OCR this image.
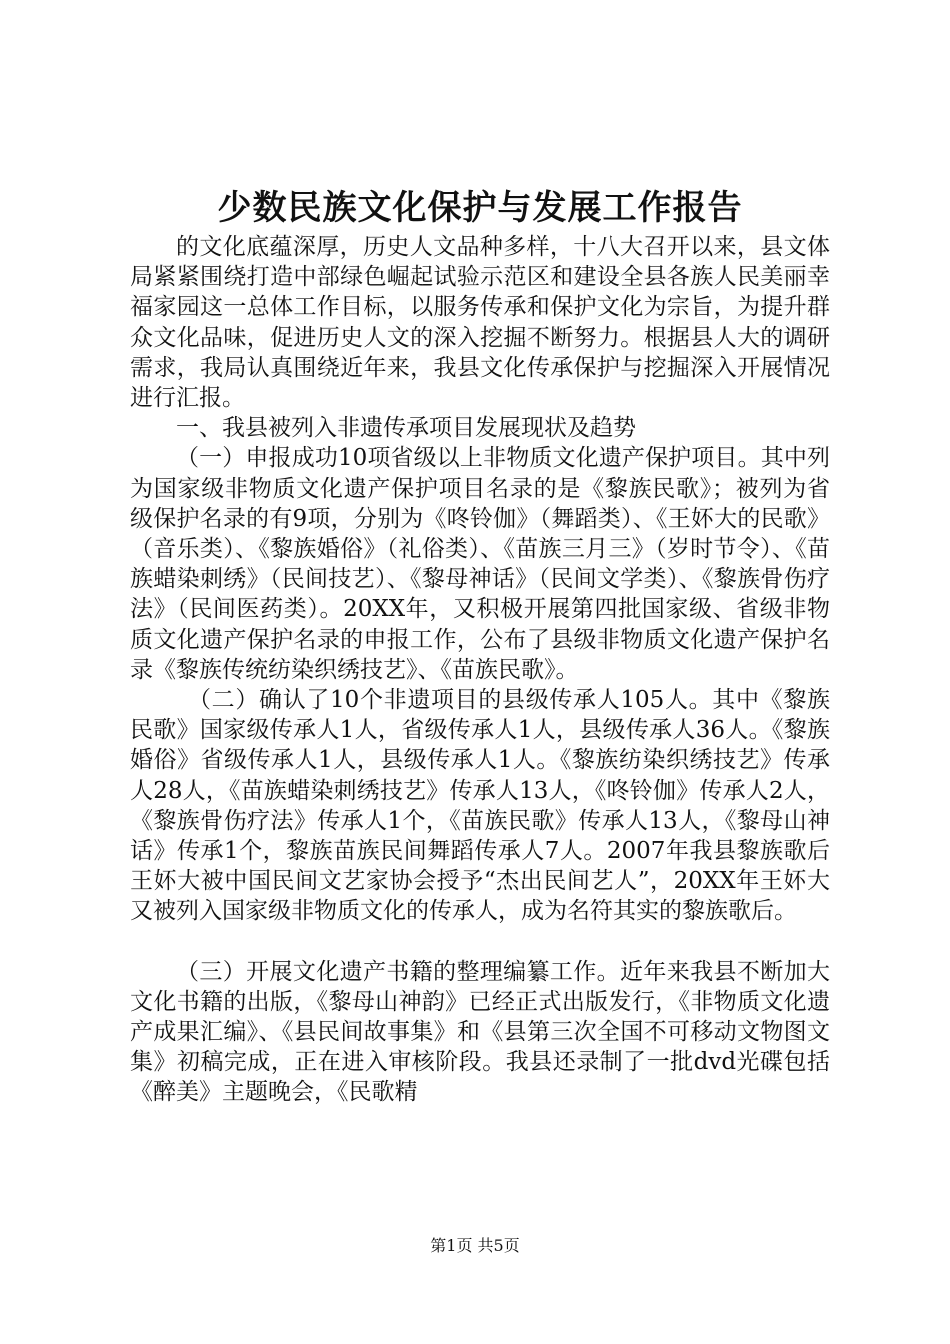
少数民族文化保护与发展工作报告

的文化底蕴深厚，历史人文品种多样，十八大召开以来，县文体局紧紧围绕打造中部绿色崛起试验示范区和建设全县各族人民美丽幸福家园这一总体工作目标，以服务传承和保护文化为宗旨，为提升群众文化品味，促进历史人文的深入挖掘不断努力。根据县人大的调研需求，我局认真围绕近年来，我县文化传承保护与挖掘深入开展情况进行汇报。

一、我县被列入非遗传承项目发展现状及趋势

（一）申报成功10项省级以上非物质文化遗产保护项目。其中列为国家级非物质文化遗产保护项目名录的是《黎族民歌》；被列为省级保护名录的有9项，分别为《咚铃伽》（舞蹈类）、《王妚大的民歌》（音乐类）、《黎族婚俗》（礼俗类）、《苗族三月三》（岁时节令）、《苗族蜡染刺绣》（民间技艺）、《黎母神话》（民间文学类）、《黎族骨伤疗法》（民间医药类）。20XX年，又积极开展第四批国家级、省级非物质文化遗产保护名录的申报工作，公布了县级非物质文化遗产保护名录《黎族传统纺染织绣技艺》、《苗族民歌》。

（二）确认了10个非遗项目的县级传承人105人。其中《黎族民歌》国家级传承人1人，省级传承人1人，县级传承人36人。《黎族婚俗》省级传承人1人，县级传承人1人。《黎族纺染织绣技艺》传承人28人，《苗族蜡染刺绣技艺》传承人13人，《咚铃伽》传承人2人，《黎族骨伤疗法》传承人1个，《苗族民歌》传承人13人，《黎母山神话》传承1个，黎族苗族民间舞蹈传承人7人。2007年我县黎族歌后王妚大被中国民间文艺家协会授予“杰出民间艺人”，20XX年王妚大又被列入国家级非物质文化的传承人，成为名符其实的黎族歌后。

（三）开展文化遗产书籍的整理编纂工作。近年来我县不断加大文化书籍的出版，《黎母山神韵》已经正式出版发行，《非物质文化遗产成果汇编》、《县民间故事集》和《县第三次全国不可移动文物图文集》初稿完成，正在进入审核阶段。我县还录制了一批dvd光碟包括《醉美》主题晚会，《民歌精

第1页 共5页
